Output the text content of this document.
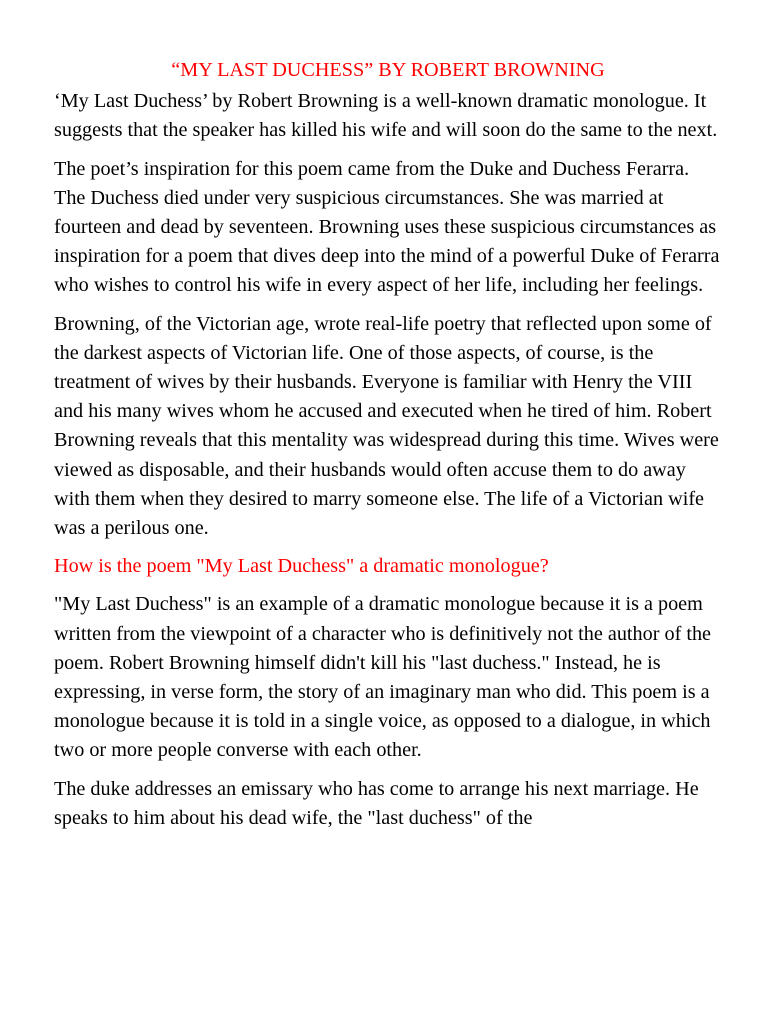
“MY LAST DUCHESS” BY ROBERT BROWNING

‘My Last Duchess’ by Robert Browning is a well-known dramatic monologue. It suggests that the speaker has killed his wife and will soon do the same to the next.

The poet’s inspiration for this poem came from the Duke and Duchess Ferarra. The Duchess died under very suspicious circumstances. She was married at fourteen and dead by seventeen. Browning uses these suspicious circumstances as inspiration for a poem that dives deep into the mind of a powerful Duke of Ferarra who wishes to control his wife in every aspect of her life, including her feelings.

Browning, of the Victorian age, wrote real-life poetry that reflected upon some of the darkest aspects of Victorian life. One of those aspects, of course, is the treatment of wives by their husbands. Everyone is familiar with Henry the VIII and his many wives whom he accused and executed when he tired of him. Robert Browning reveals that this mentality was widespread during this time. Wives were viewed as disposable, and their husbands would often accuse them to do away with them when they desired to marry someone else. The life of a Victorian wife was a perilous one.

How is the poem "My Last Duchess" a dramatic monologue?

"My Last Duchess" is an example of a dramatic monologue because it is a poem written from the viewpoint of a character who is definitively not the author of the poem. Robert Browning himself didn't kill his "last duchess." Instead, he is expressing, in verse form, the story of an imaginary man who did. This poem is a monologue because it is told in a single voice, as opposed to a dialogue, in which two or more people converse with each other.

The duke addresses an emissary who has come to arrange his next marriage. He speaks to him about his dead wife, the "last duchess" of the
